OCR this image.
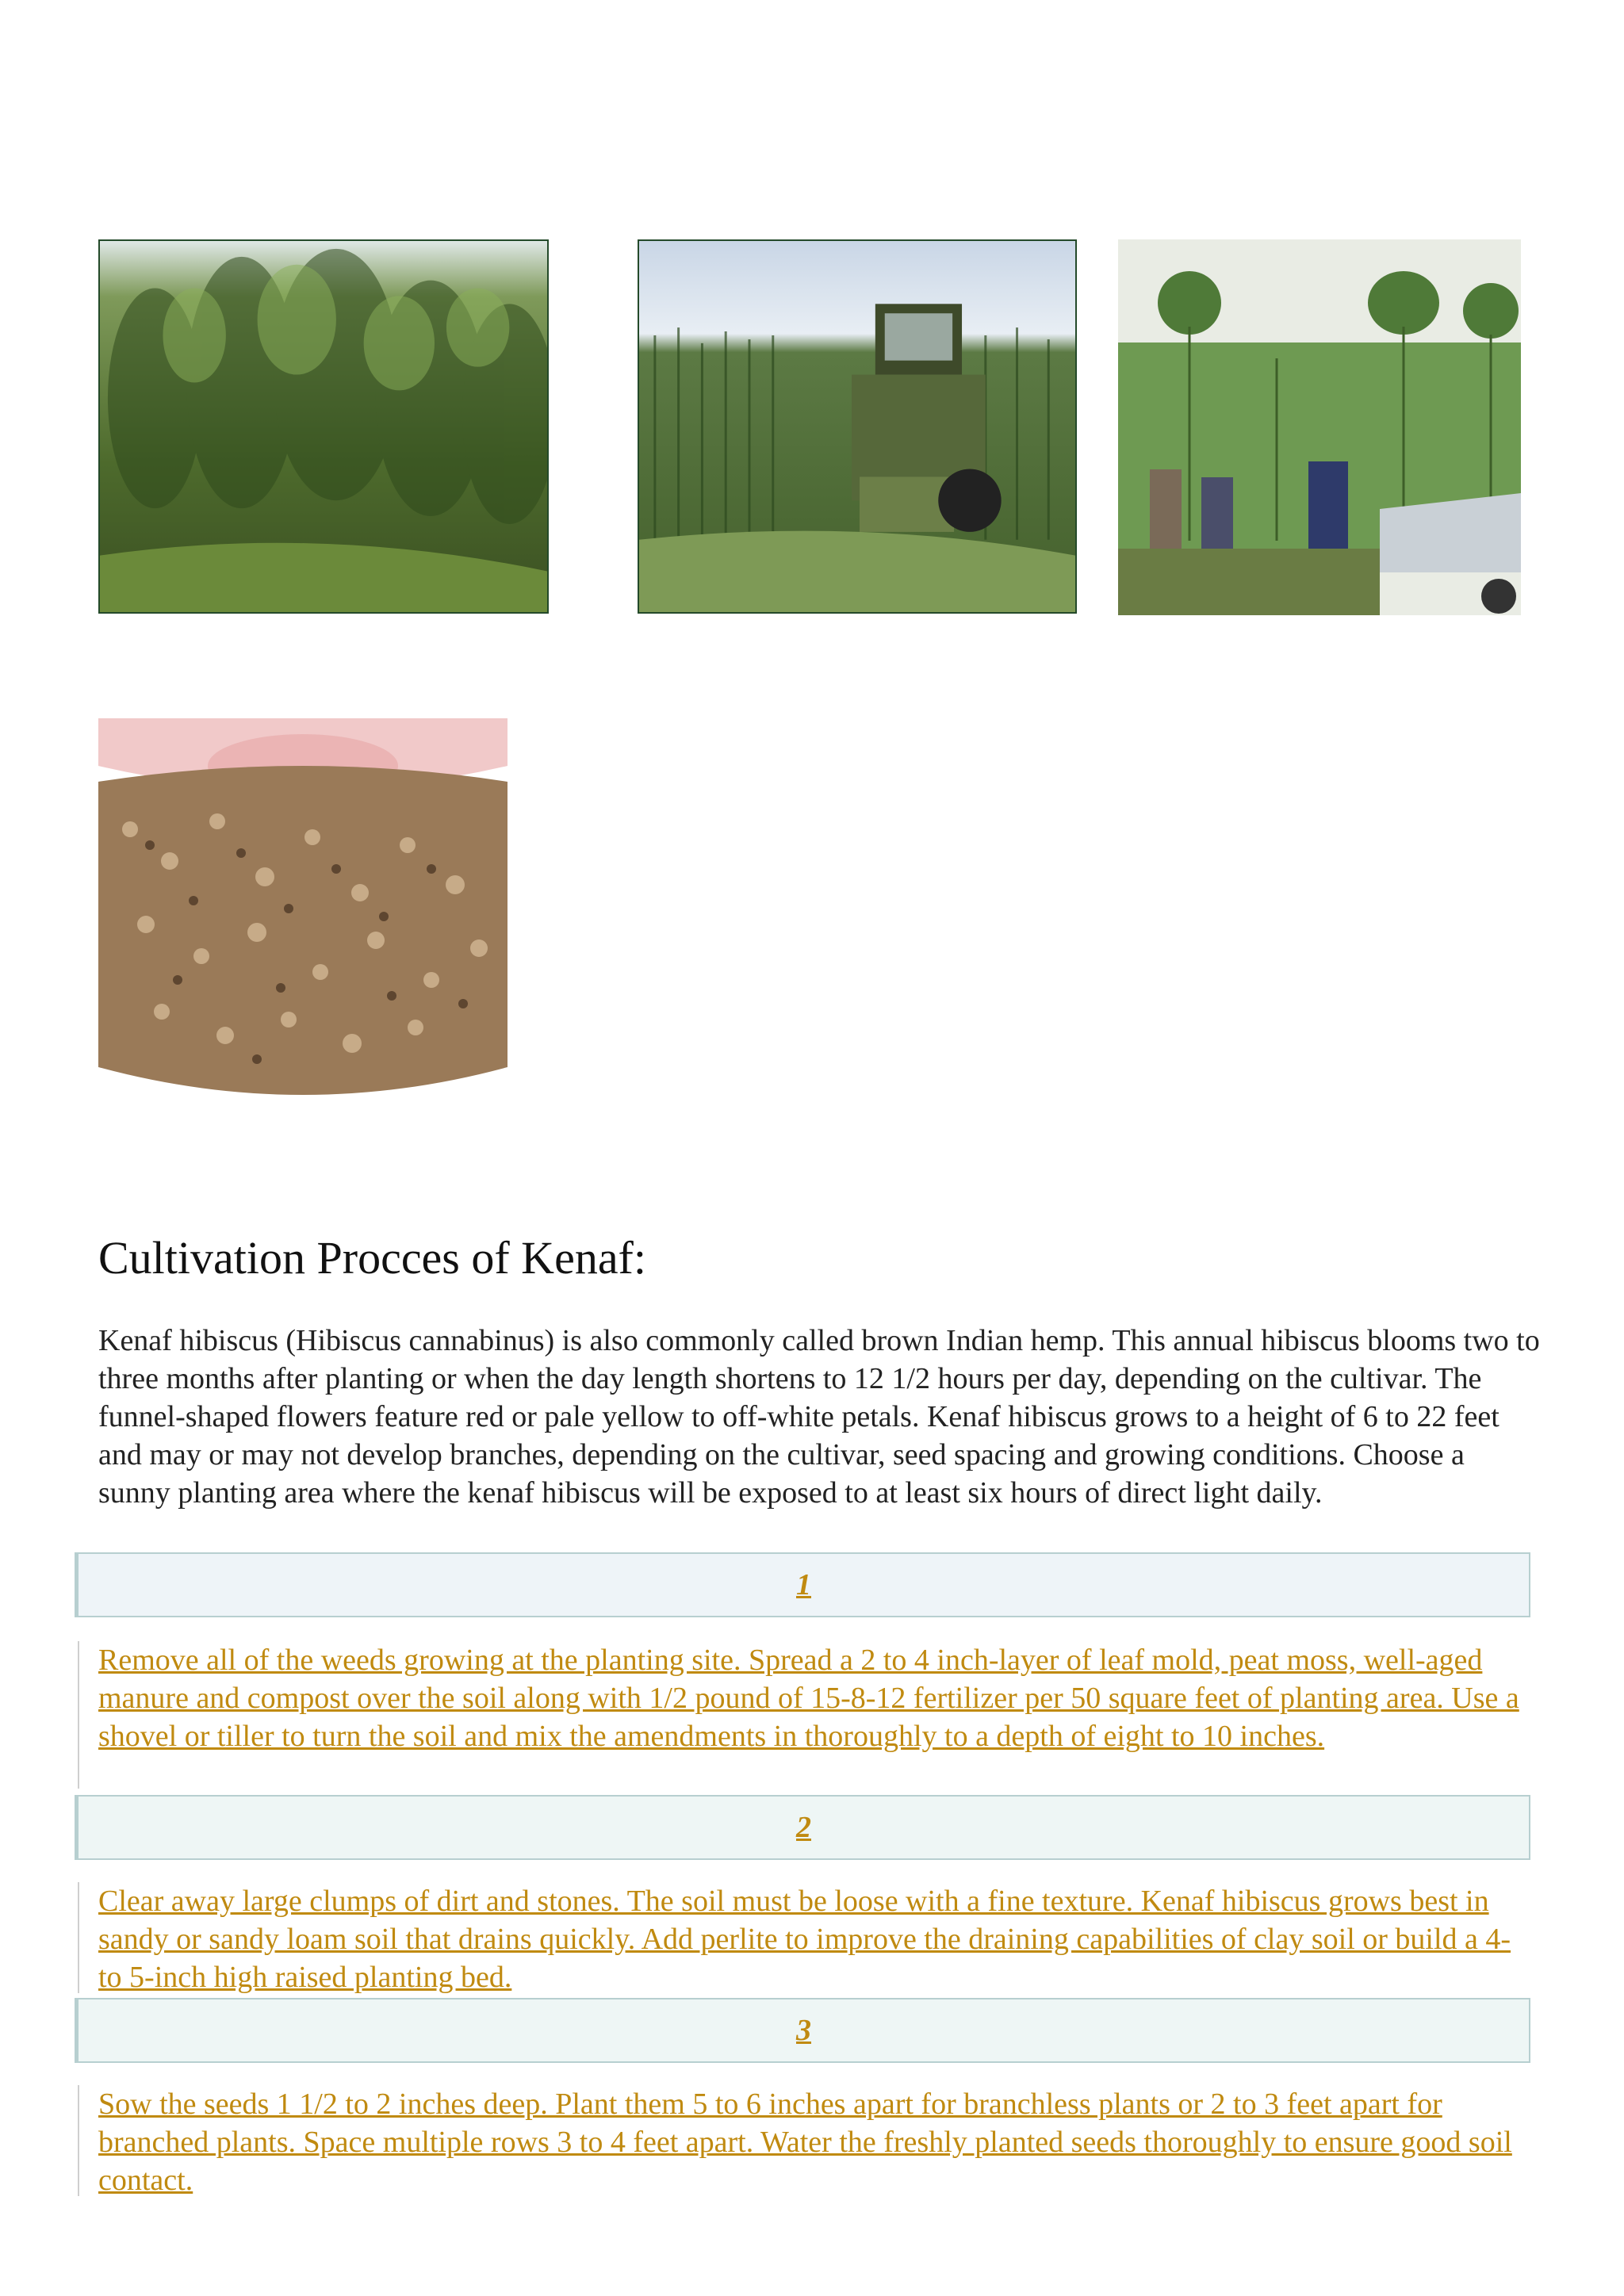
Cultivation Procces of Kenaf:

Kenaf hibiscus (Hibiscus cannabinus) is also commonly called brown Indian hemp. This annual hibiscus blooms two to three months after planting or when the day length shortens to 12 1/2 hours per day, depending on the cultivar. The funnel-shaped flowers feature red or pale yellow to off-white petals. Kenaf hibiscus grows to a height of 6 to 22 feet and may or may not develop branches, depending on the cultivar, seed spacing and growing conditions. Choose a sunny planting area where the kenaf hibiscus will be exposed to at least six hours of direct light daily.

1

Remove all of the weeds growing at the planting site. Spread a 2 to 4 inch-layer of leaf mold, peat moss, well-aged manure and compost over the soil along with 1/2 pound of 15-8-12 fertilizer per 50 square feet of planting area. Use a shovel or tiller to turn the soil and mix the amendments in thoroughly to a depth of eight to 10 inches.

2

Clear away large clumps of dirt and stones. The soil must be loose with a fine texture. Kenaf hibiscus grows best in sandy or sandy loam soil that drains quickly. Add perlite to improve the draining capabilities of clay soil or build a 4- to 5-inch high raised planting bed.

3

Sow the seeds 1 1/2 to 2 inches deep. Plant them 5 to 6 inches apart for branchless plants or 2 to 3 feet apart for branched plants. Space multiple rows 3 to 4 feet apart. Water the freshly planted seeds thoroughly to ensure good soil contact.
